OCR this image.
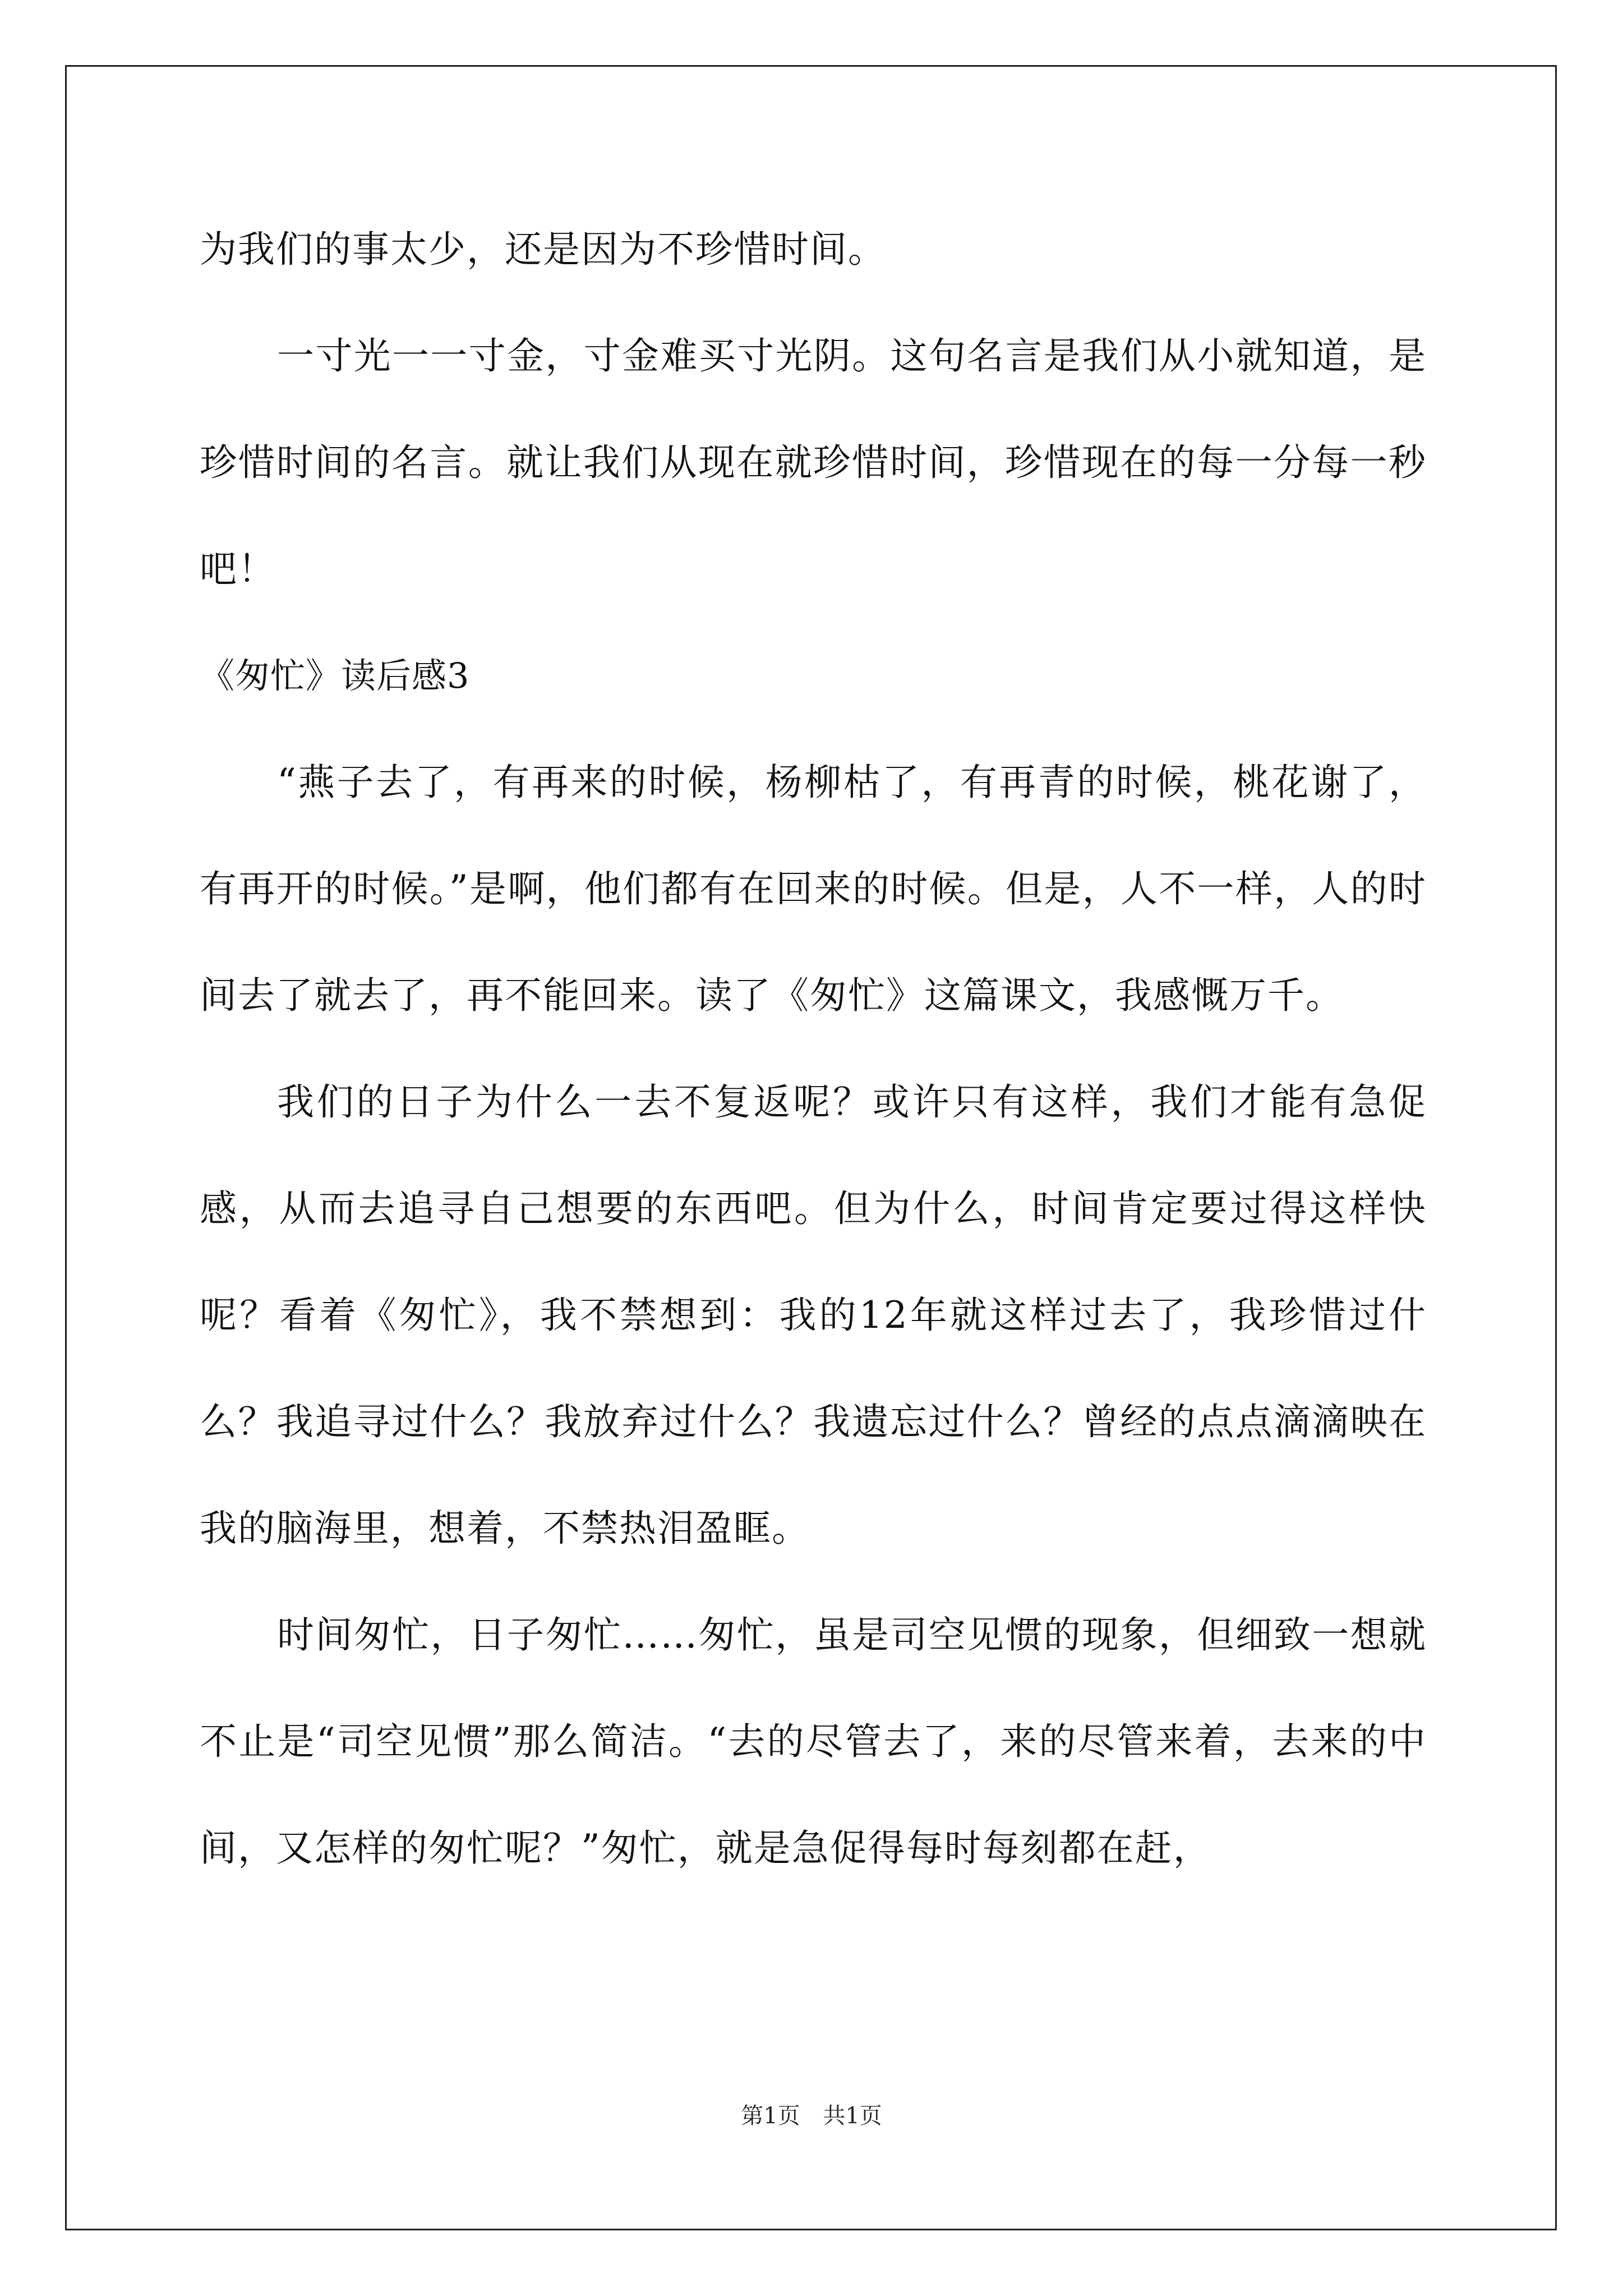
为我们的事太少，还是因为不珍惜时间。

一寸光一一寸金，寸金难买寸光阴。这句名言是我们从小就知道，是珍惜时间的名言。就让我们从现在就珍惜时间，珍惜现在的每一分每一秒吧！

《匆忙》读后感3

“燕子去了，有再来的时候，杨柳枯了，有再青的时候，桃花谢了，有再开的时候。”是啊，他们都有在回来的时候。但是，人不一样，人的时间去了就去了，再不能回来。读了《匆忙》这篇课文，我感慨万千。

我们的日子为什么一去不复返呢？或许只有这样，我们才能有急促感，从而去追寻自己想要的东西吧。但为什么，时间肯定要过得这样快呢？看着《匆忙》，我不禁想到：我的12年就这样过去了，我珍惜过什么？我追寻过什么？我放弃过什么？我遗忘过什么？曾经的点点滴滴映在我的脑海里，想着，不禁热泪盈眶。

时间匆忙，日子匆忙……匆忙，虽是司空见惯的现象，但细致一想就不止是“司空见惯”那么简洁。“去的尽管去了，来的尽管来着，去来的中间，又怎样的匆忙呢？”匆忙，就是急促得每时每刻都在赶，

第1页 共1页
